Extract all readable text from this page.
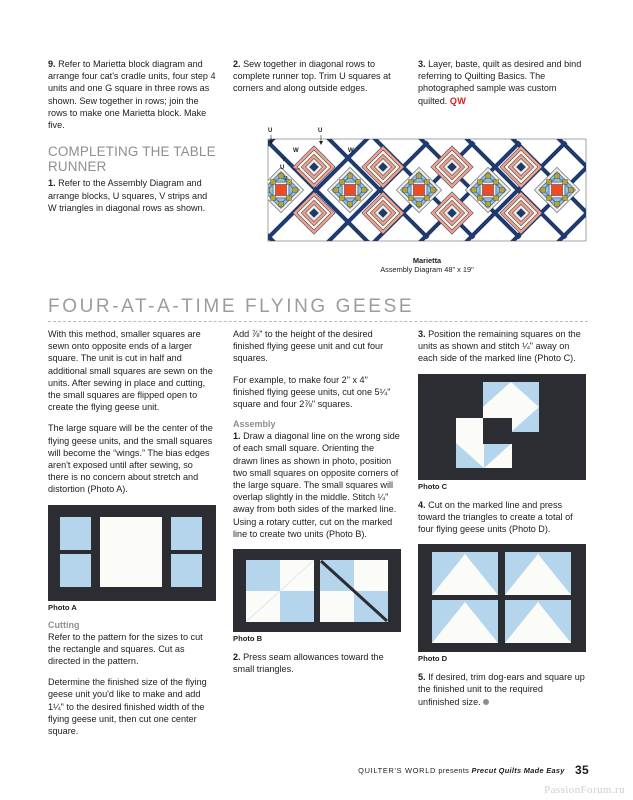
9. Refer to Marietta block diagram and arrange four cat's cradle units, four step 4 units and one G square in three rows as shown. Sew together in rows; join the rows to make one Marietta block. Make five.

COMPLETING THE TABLE RUNNER

1. Refer to the Assembly Diagram and arrange blocks, U squares, V strips and W triangles in diagonal rows as shown.

2. Sew together in diagonal rows to complete runner top. Trim U squares at corners and along outside edges.

3. Layer, baste, quilt as desired and bind referring to Quilting Basics. The photographed sample was custom quilted. QW

U	U
W	W
V
U
V
Marietta
Assembly Diagram 48" x 19"
FOUR-AT-A-TIME FLYING GEESE

With this method, smaller squares are sewn onto opposite ends of a larger square. The unit is cut in half and additional small squares are sewn on the units. After sewing in place and cutting, the small squares are flipped open to create the flying geese unit.

The large square will be the center of the flying geese units, and the small squares will become the “wings.” The bias edges aren't exposed until after sewing, so there is no concern about stretch and distortion (Photo A).

Photo A
Cutting

Refer to the pattern for the sizes to cut the rectangle and squares. Cut as directed in the pattern.

Determine the finished size of the flying geese unit you'd like to make and add 1¼" to the desired finished width of the flying geese unit, then cut one center square.

Add ⅞" to the height of the desired finished flying geese unit and cut four squares.

For example, to make four 2" x 4" finished flying geese units, cut one 5¼" square and four 2⅞" squares.

Assembly

1. Draw a diagonal line on the wrong side of each small square. Orienting the drawn lines as shown in photo, position two small squares on opposite corners of the large square. The small squares will overlap slightly in the middle. Stitch ¼" away from both sides of the marked line. Using a rotary cutter, cut on the marked line to create two units (Photo B).

Photo B

2. Press seam allowances toward the small triangles.

3. Position the remaining squares on the units as shown and stitch ¼" away on each side of the marked line (Photo C).

Photo C

4. Cut on the marked line and press toward the triangles to create a total of four flying geese units (Photo D).

Photo D

5. If desired, trim dog-ears and square up the finished unit to the required unfinished size.

QUILTER'S WORLD presents Precut Quilts Made Easy 35
PassionForum.ru
